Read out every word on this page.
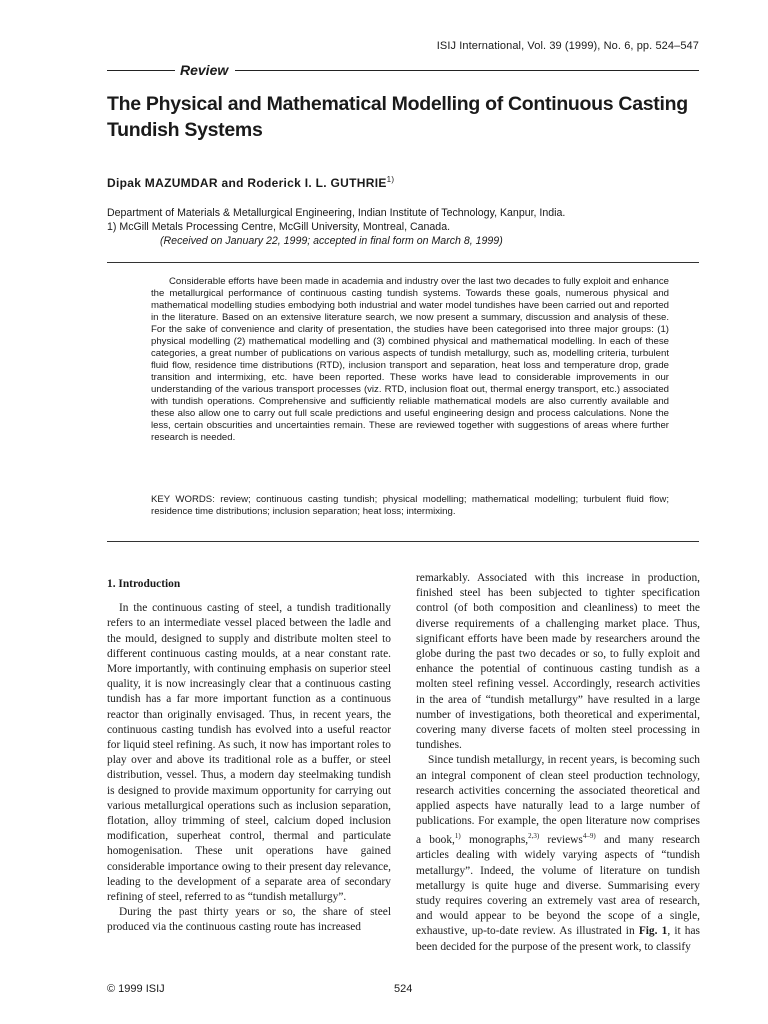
ISIJ International, Vol. 39 (1999), No. 6, pp. 524–547
Review
The Physical and Mathematical Modelling of Continuous Casting Tundish Systems
Dipak MAZUMDAR and Roderick I. L. GUTHRIE$^{1)}$
Department of Materials & Metallurgical Engineering, Indian Institute of Technology, Kanpur, India.
1) McGill Metals Processing Centre, McGill University, Montreal, Canada.
(Received on January 22, 1999; accepted in final form on March 8, 1999)

Considerable efforts have been made in academia and industry over the last two decades to fully exploit and enhance the metallurgical performance of continuous casting tundish systems. Towards these goals, numerous physical and mathematical modelling studies embodying both industrial and water model tundishes have been carried out and reported in the literature. Based on an extensive literature search, we now present a summary, discussion and analysis of these. For the sake of convenience and clarity of presentation, the studies have been categorised into three major groups: (1) physical modelling (2) mathematical modelling and (3) combined physical and mathematical modelling. In each of these categories, a great number of publications on various aspects of tundish metallurgy, such as, modelling criteria, turbulent fluid flow, residence time distributions (RTD), inclusion transport and separation, heat loss and temperature drop, grade transition and intermixing, etc. have been reported. These works have lead to considerable improvements in our understanding of the various transport processes (viz. RTD, inclusion float out, thermal energy transport, etc.) associated with tundish operations. Comprehensive and sufficiently reliable mathematical models are also currently available and these also allow one to carry out full scale predictions and useful engineering design and process calculations. None the less, certain obscurities and uncertainties remain. These are reviewed together with suggestions of areas where further research is needed.

KEY WORDS: review; continuous casting tundish; physical modelling; mathematical modelling; turbulent fluid flow; residence time distributions; inclusion separation; heat loss; intermixing.

1. Introduction

In the continuous casting of steel, a tundish traditionally refers to an intermediate vessel placed between the ladle and the mould, designed to supply and distribute molten steel to different continuous casting moulds, at a near constant rate. More importantly, with continuing emphasis on superior steel quality, it is now increasingly clear that a continuous casting tundish has a far more important function as a continuous reactor than originally envisaged. Thus, in recent years, the continuous casting tundish has evolved into a useful reactor for liquid steel refining. As such, it now has important roles to play over and above its traditional role as a buffer, or steel distribution, vessel. Thus, a modern day steelmaking tundish is designed to provide maximum opportunity for carrying out various metallurgical operations such as inclusion separation, flotation, alloy trimming of steel, calcium doped inclusion modification, superheat control, thermal and particulate homogenisation. These unit operations have gained considerable importance owing to their present day relevance, leading to the development of a separate area of secondary refining of steel, referred to as “tundish metallurgy”.

During the past thirty years or so, the share of steel produced via the continuous casting route has increased

remarkably. Associated with this increase in production, finished steel has been subjected to tighter specification control (of both composition and cleanliness) to meet the diverse requirements of a challenging market place. Thus, significant efforts have been made by researchers around the globe during the past two decades or so, to fully exploit and enhance the potential of continuous casting tundish as a molten steel refining vessel. Accordingly, research activities in the area of “tundish metallurgy” have resulted in a large number of investigations, both theoretical and experimental, covering many diverse facets of molten steel processing in tundishes.

Since tundish metallurgy, in recent years, is becoming such an integral component of clean steel production technology, research activities concerning the associated theoretical and applied aspects have naturally lead to a large number of publications. For example, the open literature now comprises a book,$^{1)}$ monographs,$^{2,3)}$ reviews$^{4-9)}$ and many research articles dealing with widely varying aspects of “tundish metallurgy”. Indeed, the volume of literature on tundish metallurgy is quite huge and diverse. Summarising every study requires covering an extremely vast area of research, and would appear to be beyond the scope of a single, exhaustive, up-to-date review. As illustrated in Fig. 1, it has been decided for the purpose of the present work, to classify

© 1999 ISIJ	524
